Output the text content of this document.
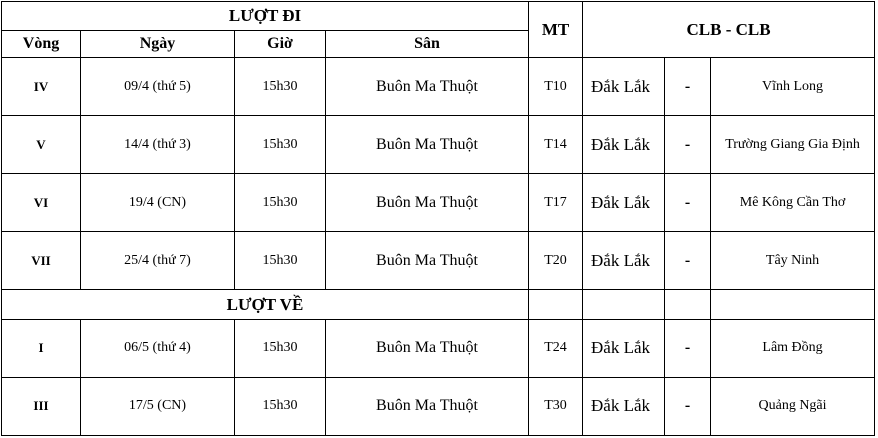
LƯỢT ĐI				MT	CLB - CLB		
Vòng	Ngày	Giờ	Sân				
IV	09/4 (thứ 5)	15h30	Buôn Ma Thuột	T10	Đắk Lắk	-	Vĩnh Long
V	14/4 (thứ 3)	15h30	Buôn Ma Thuột	T14	Đắk Lắk	-	Trường Giang Gia Định
VI	19/4 (CN)	15h30	Buôn Ma Thuột	T17	Đắk Lắk	-	Mê Kông Cần Thơ
VII	25/4 (thứ 7)	15h30	Buôn Ma Thuột	T20	Đắk Lắk	-	Tây Ninh
LƯỢT VỀ							
I	06/5 (thứ 4)	15h30	Buôn Ma Thuột	T24	Đắk Lắk	-	Lâm Đồng
III	17/5 (CN)	15h30	Buôn Ma Thuột	T30	Đắk Lắk	-	Quảng Ngãi
